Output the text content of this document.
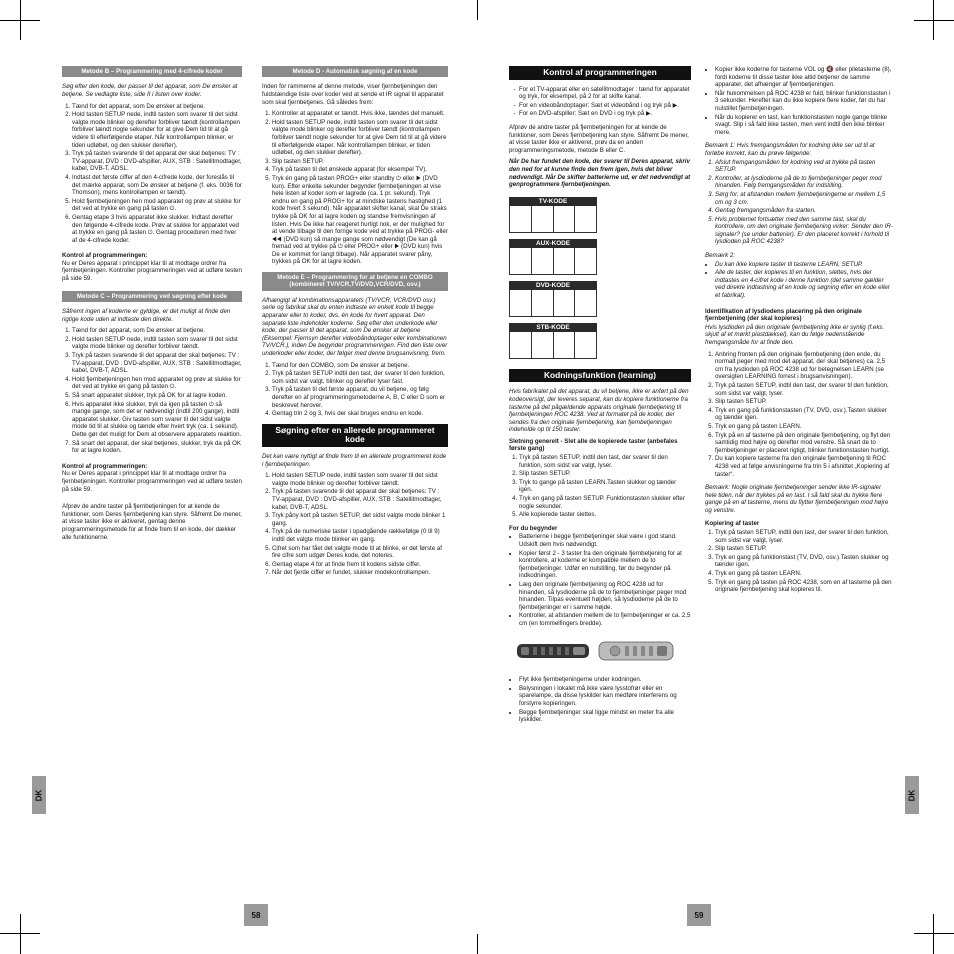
Metode B – Programmering med 4-cifrede koder

Søg efter den kode, der passer til det apparat, som De ønsker at betjene. Se vedlagte liste, side II i listen over koder.

1. Tænd for det apparat, som De ønsker at betjene.
2. Hold tasten SETUP nede, indtil tasten som svarer til det sidst valgte mode blinker og derefter forbliver tændt (kontrollampen forbliver tændt nogle sekunder for at give Dem tid til at gå videre til efterfølgende etaper. Når kontrollampen blinker, er tiden udløbet, og den slukker derefter).
3. Tryk på tasten svarende til det apparat der skal betjenes: TV : TV-apparat, DVD : DVD-afspiller, AUX, STB : Satellitmodtager, kabel, DVB-T, ADSL.
4. Indtast det første ciffer af den 4-cifrede kode, der foreslås til det mærke apparat, som De ønsker at betjene (f. eks. 0036 for Thomson), mens kontrollampen er tændt).
5. Hold fjernbetjeningen hen mod apparatet og prøv at slukke for det ved at trykke en gang på tasten ⏻.
6. Gentag etape 3 hvis apparatet ikke slukker. Indtast derefter den følgende 4-cifrede kode. Prøv at slukke for apparatet ved at trykke en gang på tasten ⏻. Gentag proceduren med hver af de 4-cifrede koder.

Kontrol af programmeringen:

Nu er Deres apparat i princippet klar til at modtage ordrer fra fjernbetjeningen. Kontroller programmeringen ved at udføre testen på side 59.

Metode C – Programmering ved søgning efter kode

Såfremt ingen af koderne er gyldige, er det muligt at finde den rigtige kode uden at indtaste den direkte.

1. Tænd for det apparat, som De ønsker at betjene.
2. Hold tasten SETUP nede, indtil tasten som svarer til det sidst valgte mode blinker og derefter forbliver tændt.
3. Tryk på tasten svarende til det apparat der skal betjenes: TV : TV-apparat, DVD : DVD-afspiller, AUX, STB : Satellitmodtager, kabel, DVB-T, ADSL.
4. Hold fjernbetjeningen hen mod apparatet og prøv at slukke for det ved at trykke en gang på tasten ⏻.
5. Så snart apparatet slukker, tryk på OK for at lagre koden.
6. Hvis apparatet ikke slukker, tryk da igen på tasten ⏻ så mange gange, som det er nødvendigt (indtil 200 gange), indtil apparatet slukker. Giv tasten som svarer til det sidst valgte mode tid til at slukke og tænde efter hvert tryk (ca. 1 sekund). Dette gør det muligt for Dem at observere apparatets reaktion.
7. Så snart det apparat, der skal betjenes, slukker, tryk da på OK for at lagre koden.

Kontrol af programmeringen:

Nu er Deres apparat i princippet klar til at modtage ordrer fra fjernbetjeningen. Kontroller programmeringen ved at udføre testen på side 59.

Afprøv de andre taster på fjernbetjeningen for at kende de funktioner, som Deres fjernbetjening kan styre. Såfremt De mener, at visse taster ikke er aktiveret, gentag denne programmeringsmetode for at finde frem til en kode, der dækker alle funktionerne.

Metode D - Automatisk søgning af en kode

Inden for rammerne af denne metode, viser fjernbetjeningen den fuldstændige liste over koder ved at sende et IR signal til apparatet som skal fjernbetjenes. Gå således frem:

1. Kontroller at apparatet er tændt. Hvis ikke, tændes det manuelt.
2. Hold tasten SETUP nede, indtil tasten som svarer til det sidst valgte mode blinker og derefter forbliver tændt (kontrollampen forbliver tændt nogle sekunder for at give Dem tid til at gå videre til efterfølgende etaper. Når kontrollampen blinker, er tiden udløbet, og den slukker derefter).
3. Slip tasten SETUP.
4. Tryk på tasten til det ønskede apparat (for eksempel TV).
5. Tryk én gang på tasten PROG+ eller standby ⏻ eller ▶ (DVD kun). Efter enkelte sekunder begynder fjernbetjeningen at vise hele listen af koder som er lagrede (ca. 1 pr. sekund). Tryk endnu en gang på PROG+ for at mindske tastens hastighed (1 kode hvert 3 sekund). Når apparatet skifter kanal, skal De straks trykke på OK for at lagre koden og standse fremvisningen af listen. Hvis De ikke har reageret hurtigt nok, er der mulighed for at vende tilbage til den forrige kode ved at trykke på PROG- eller ◀◀ (DVD kun) så mange gange som nødvendigt (De kan gå fremad ved at trykke på ⏻ eller PROG+ eller ▶ (DVD kun) hvis De er kommet for langt tilbage). Når apparatet svarer påny, trykkes på OK for at lagre koden.
Metode E – Programmering for at betjene en COMBO (kombineret TV/VCR,TV/DVD,VCR/DVD, osv.)

Afhængigt af kombinationsapparatets (TV/VCR, VCR/DVD osv.) serie og fabrikat skal du enten indtaste en enkelt kode til begge apparater eller to koder, dvs. én kode for hvert apparat. Den separate liste indeholder koderne. Søg efter den underkode eller kode, der passer til det apparat, som De ønsker at betjene (Eksempel: Fjernsyn derefter videobåndoptager eller kombinationen TV/VCR.), inden De begynder programmeringen. Find den liste over underkoder eller koder, der følger med denne brugsanvisning, frem.

1. Tænd for den COMBO, som De ønsker at betjene.
2. Tryk på tasten SETUP indtil den tast, der svarer til den funktion, som sidst var valgt, blinker og derefter lyser fast.
3. Tryk på tasten til det første apparat, du vil betjene, og følg derefter en af programmeringsmetoderne A, B, C eller D som er beskrevet herover.
4. Gentag trin 2 og 3, hvis der skal bruges endnu en kode.
Søgning efter en allerede programmeret kode

Det kan være nyttigt at finde frem til en allerede programmeret kode i fjernbetjeningen.

1. Hold tasten SETUP nede, indtil tasten som svarer til det sidst valgte mode blinker og derefter forbliver tændt.
2. Tryk på tasten svarende til det apparat der skal betjenes: TV : TV-apparat, DVD : DVD-afspiller, AUX, STB : Satellitmodtager, kabel, DVB-T, ADSL.
3. Tryk påny kort på tasten SETUP, det sidst valgte mode blinker 1 gang.
4. Tryk på de numeriske taster i opadgående rækkefølge (0 til 9) indtil det valgte mode blinker en gang.
5. Cifret som har fået det valgte mode til at blinke, er det første af fire cifre som udgør Deres kode, det noteres.
6. Gentag etape 4 for at finde frem til kodens sidste ciffer.
7. Når det fjerde ciffer er fundet, slukker modekontrollampen.
DK
58
Kontrol af programmeringen
- For et TV-apparat eller en satellitmodtager : tænd for apparatet og tryk, for eksempel, på 2 for at skifte kanal.
- For en videobåndoptager: Sæt et videobånd i og tryk på ▶.
- For en DVD-afspiller: Sæt en DVD i og tryk på ▶.

Afprøv de andre taster på fjernbetjeningen for at kende de funktioner, som Deres fjernbetjening kan styre. Såfremt De mener, at visse taster ikke er aktiveret, prøv da en anden programmeringsmetode, metode B eller C.

Når De har fundet den kode, der svarer til Deres apparat, skriv den ned for at kunne finde den frem igen, hvis det bliver nødvendigt. Når De skifter batterierne ud, er det nødvendigt at genprogrammere fjernbetjeningen.

TV-KODE
AUX-KODE
DVD-KODE
STB-KODE
Kodningsfunktion (learning)

Hvis fabrikatet på det apparat, du vil betjene, ikke er anført på den kodeoversigt, der leveres separat, kan du kopiere funktionerne fra tasterne på det pågældende apparats originale fjernbetjening til fjernbetjeningen ROC 4238. Ved at formatet på de koder, der sendes fra den originale fjernbetjening, kan fjernbetjeningen indeholde op til 150 taster.

Sletning generelt - Slet alle de kopierede taster (anbefales første gang)

1. Tryk på tasten SETUP, indtil den tast, der svarer til den funktion, som sidst var valgt, lyser.
2. Slip tasten SETUP.
3. Tryk to gange på tasten LEARN.Tasten slukker og tænder igen.
4. Tryk en gang på tasten SETUP. Funktionstasten slukker efter nogle sekunder.
5. Alle kopierede taster slettes.

For du begynder

• Batterierne i begge fjernbetjeninger skal være i god stand. Udskift dem hvis nødvendigt.
• Kopier først 2 - 3 taster fra den originale fjernbetjening for at kontrollere, at koderne er kompatible mellem de to fjernbetjeninger. Udfør en nulstilling, før du begynder på indkodningen.
• Læg den originale fjernbetjening og ROC 4238 ud for hinanden, så lysdioderne på de to fjernbetjeninger peger mod hinanden. Tilpas eventuelt højden, så lysdioderne på de to fjernbetjeninger er i samme højde.
• Kontroller, at afstanden mellem de to fjernbetjeninger er ca. 2,5 cm (en tommelfingers bredde).
• Flyt ikke fjernbetjeningerne under kodningen.
• Belysningen i lokalet må ikke være lysstofrør eller en sparelampe, da disse lyskilder kan medføre interferens og forstyrre kopieringen.
• Begge fjernbetjeninger skal ligge mindst en meter fra alle lyskilder.
• Kopier ikke koderne for tasterne VOL og 🔇 eller piletasterne (8), fordi koderne til disse taster ikke altid betjener de samme apparater, det afhænger af fjernbetjeningen.
• Når hukommelsen på ROC 4238 er fuld, blinker funktionstasten i 3 sekunder. Herefter kan du ikke kopiere flere koder, før du har nulstillet fjernbetjeningen.
• Når du kopierer en tast, kan funktionstasten nogle gange blinke svagt. Slip i så fald ikke tasten, men vent indtil den ikke blinker mere.

Bemærk 1: Hvis fremgangsmåden for kodning ikke ser ud til at forløbe korrekt, kan du prøve følgende:

1. Afslut fremgangsmåden for kodning ved at trykke på tasten SETUP.
2. Kontroller, at lysdioderne på de to fjernbetjeninger peger mod hinanden. Følg fremgangsmåden for indstilling.
3. Sørg for, at afstanden mellem fjernbetjeningerne er mellem 1,5 cm og 3 cm.
4. Gentag fremgangsmåden fra starten.
5. Hvis problemet fortsætter med den samme tast, skal du kontrollere, om den originale fjernbetjening virker: Sender den IR-signaler? (se under batterier). Er den placeret korrekt i forhold til lysdioden på ROC 4238?

Bemærk 2:

• Du kan ikke kopiere taster til tasterne LEARN, SETUP.
• Alle de taster, der kopieres til en funktion, slettes, hvis der indtastes en 4-cifret kode i denne funktion (det samme gælder ved direkte indtastning af en kode og søgning efter en kode eller et fabrikat).

Identifikation af lysdiodens placering på den originale fjernbetjening (der skal kopieres)

Hvis lysdioden på den originale fjernbetjening ikke er synlig (f.eks. skjult af et mørkt plastdæksel), kan du følge nedenstående fremgangsmåde for at finde den.

1. Anbring fronten på den originale fjernbetjening (den ende, du normalt peger med mod det apparat, der skal betjenes) ca. 2,5 cm fra lysdioden på ROC 4238 ud for betegnelsen LEARN (se oversigten LEARNING forrest i brugsanvisningen).
2. Tryk på tasten SETUP, indtil den tast, der svarer til den funktion, som sidst var valgt, lyser.
3. Slip tasten SETUP.
4. Tryk en gang på funktionstasten (TV, DVD, osv.).Tasten slukker og tænder igen.
5. Tryk en gang på tasten LEARN.
6. Tryk på en af tasterne på den originale fjernbetjening, og flyt den samtidig mod højre og derefter mod venstre. Så snart de to fjernbetjeninger er placeret rigtigt, blinker funktionstasten hurtigt.
7. Du kan kopiere tasterne fra den originale fjernbetjening til ROC 4238 ved at følge anvisningerne fra trin 5 i afsnittet „Kopiering af taster“.

Bemærk: Nogle originale fjernbetjeninger sender ikke IR-signaler hele tiden, når der trykkes på en tast. I så fald skal du trykke flere gange på en af tasterne, mens du flytter fjernbetjeningen mod højre og venstre.

Kopiering af taster

1. Tryk på tasten SETUP, indtil den tast, der svarer til den funktion, som sidst var valgt, lyser.
2. Slip tasten SETUP.
3. Tryk en gang på funktionstast (TV, DVD, osv.).Tasten slukker og tænder igen.
4. Tryk en gang på tasten LEARN.
5. Tryk en gang på tasten på ROC 4238, som en af tasterne på den originale fjernbetjening skal kopieres til.
DK
59
